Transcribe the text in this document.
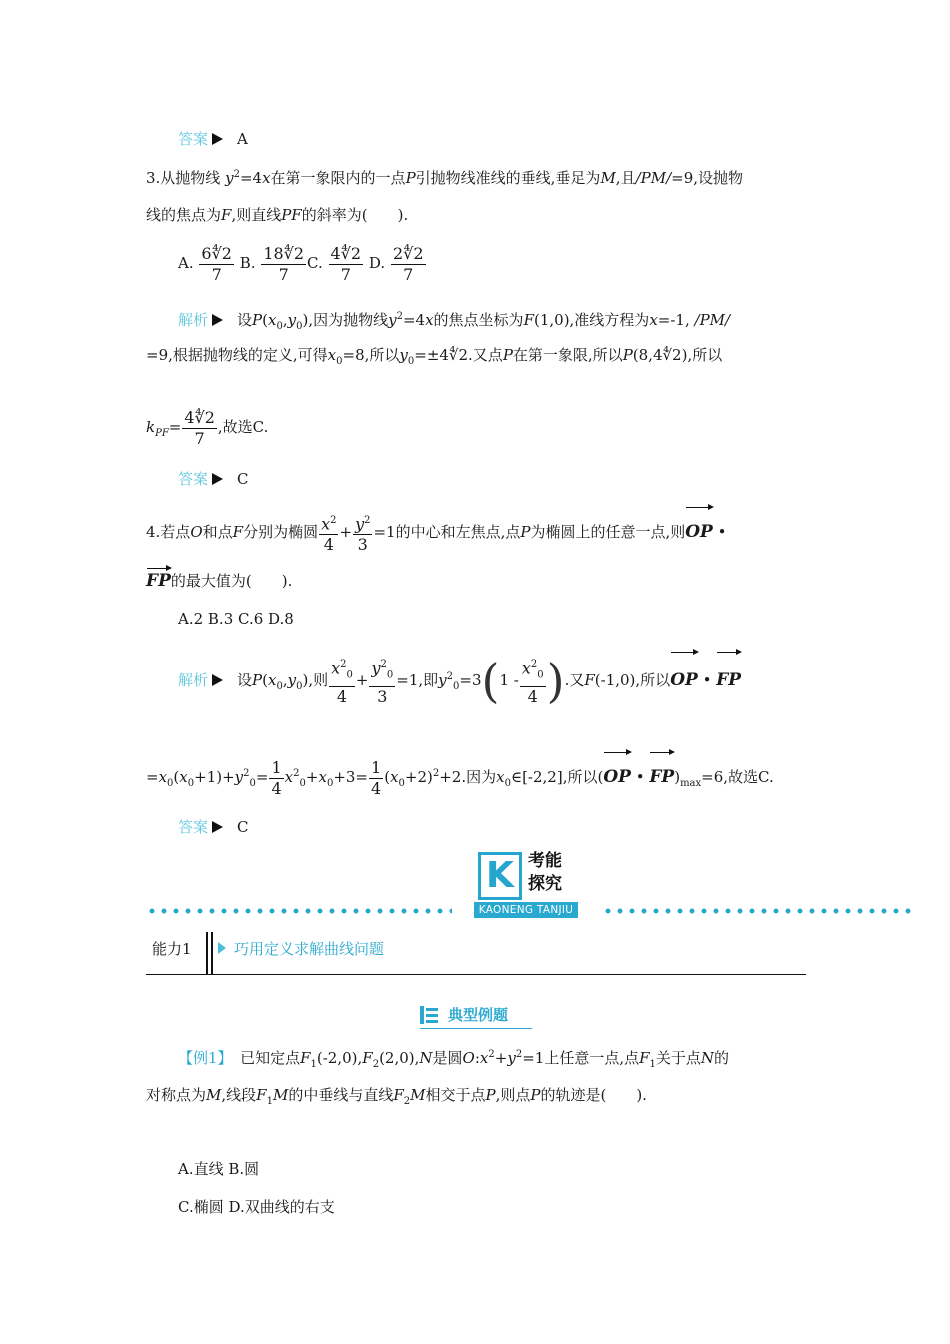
答案 A
3.从抛物线 $y^2=4x$在第一象限内的一点P引抛物线准线的垂线,垂足为M,且/PM/=9,设抛物
线的焦点为F,则直线PF的斜率为(　　).
A. $\frac{6∜2}{7} B$. $\frac{18∜2}{7} C$. $\frac{4∜2}{7} D$. $\frac{2∜2}{7}$
解析 设$P(x_0,y_0)$,因为抛物线$y^2=4x$的焦点坐标为F(1,0),准线方程为x=-1, /PM/
=9,根据抛物线的定义,可得$x_0=8$,所以$y_0=\pm 4∜2$.又点P在第一象限,所以P(8,4∜2),所以
$k_{PF}= \frac{4∜2}{7}$ ,故选C.
答案 C
4.若点O和点F分别为椭圆 $\frac{x^2}{4} + \frac{y^2}{3} =1$的中心和左焦点,点P为椭圆上的任意一点,则OP •
FP的最大值为(　　).
A.2 B.3 C.6 D.8
解析 设$P(x_0,y_0)$,则 $\frac{x^2_0}{4} + \frac{y^2_0}{3} =1$,即$y^2_0=3(1 - \frac{x^2_0}{4}$ ).又F(-1,0),所以OP • FP
$=x_0(x_0+1)+y^2_0= \frac{1}{4} x^2_0+x_0+3= \frac{1}{4} (x_0+2)^2+2$.因为$x_0\in[-2,2]$,所以(OP • $FP)_{max}=6$,故选C.
答案 C
K 考能
探究
KAONENG TANJIU
能力1	巧用定义求解曲线问题
典型例题
【例1】　 已知定点$F_1(-2,0),F_2(2,0),N$是圆$O:x^2+y^2=1$上任意一点,点$F_1$关于点N的
对称点为M,线段$F_1M$的中垂线与直线$F_2M$相交于点P,则点P的轨迹是(　　).
A.直线 B.圆
C.椭圆 D.双曲线的右支
